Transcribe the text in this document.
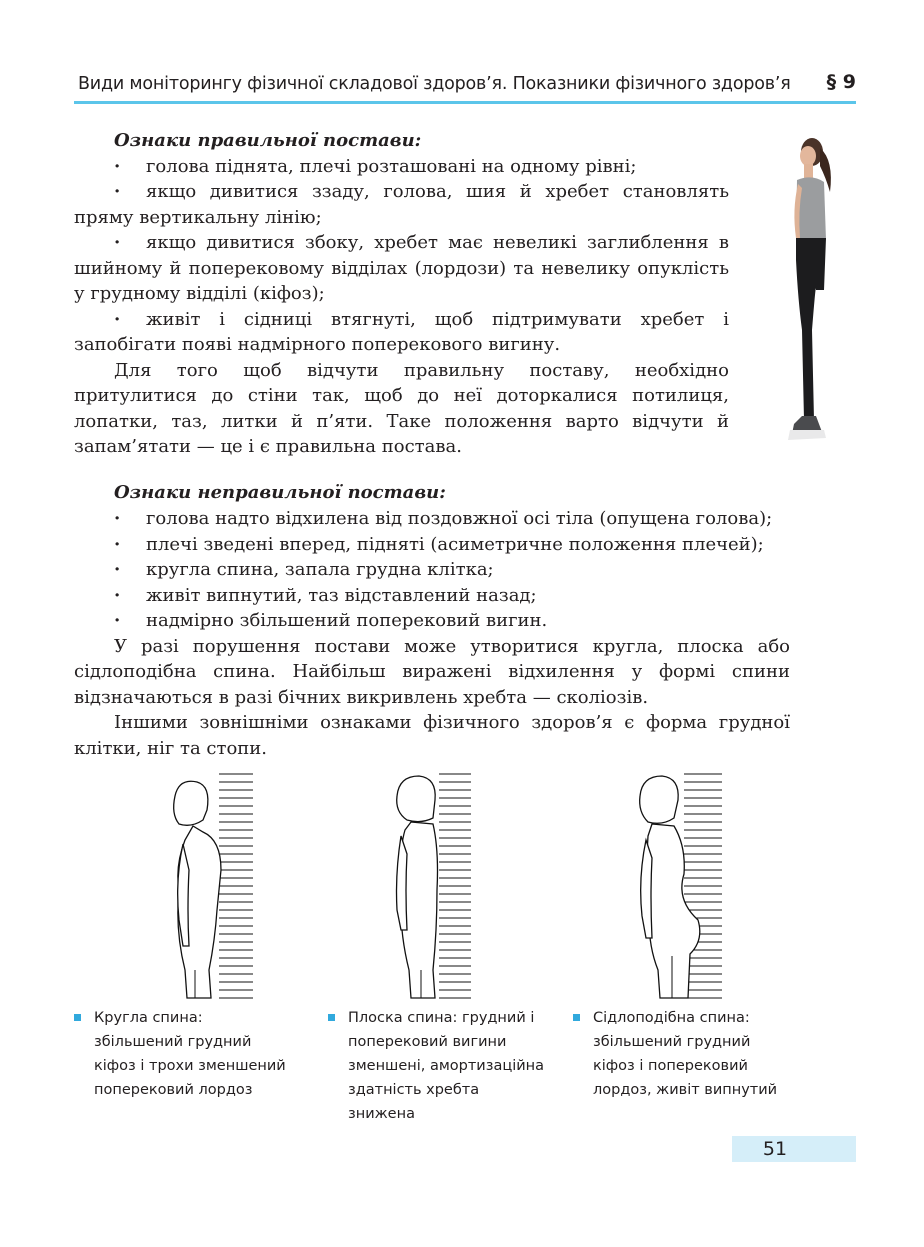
Види моніторингу фізичної складової здоров’я. Показники фізичного здоров’я § 9
Ознаки правильної постави:
· голова піднята, плечі розташовані на одному рівні;
· якщо дивитися ззаду, голова, шия й хребет становлять пряму вертикальну лінію;
· якщо дивитися збоку, хребет має невеликі заглиблення в шийному й поперековому відділах (лордози) та невелику опуклість у грудному відділі (кіфоз);
· живіт і сідниці втягнуті, щоб підтримувати хребет і запобігати появі надмірного поперекового вигину.
Для того щоб відчути правильну поставу, необхідно притулитися до стіни так, щоб до неї доторкалися потилиця, лопатки, таз, литки й п’яти. Таке положення варто відчути й запам’ятати — це і є правильна постава.
Ознаки неправильної постави:
· голова надто відхилена від поздовжної осі тіла (опущена голова);
· плечі зведені вперед, підняті (асиметричне положення плечей);
· кругла спина, запала грудна клітка;
· живіт випнутий, таз відставлений назад;
· надмірно збільшений поперековий вигин.
У разі порушення постави може утворитися кругла, плоска або сідлоподібна спина. Найбільш виражені відхилення у формі спини відзначаються в разі бічних викривлень хребта — сколіозів.
Іншими зовнішніми ознаками фізичного здоров’я є форма грудної клітки, ніг та стопи.
Кругла спина: збільшений грудний кіфоз і трохи зменшений поперековий лордоз
Плоска спина: грудний і поперековий вигини зменшені, амортизаційна здатність хребта знижена
Сідлоподібна спина: збільшений грудний кіфоз і поперековий лордоз, живіт випнутий
51
